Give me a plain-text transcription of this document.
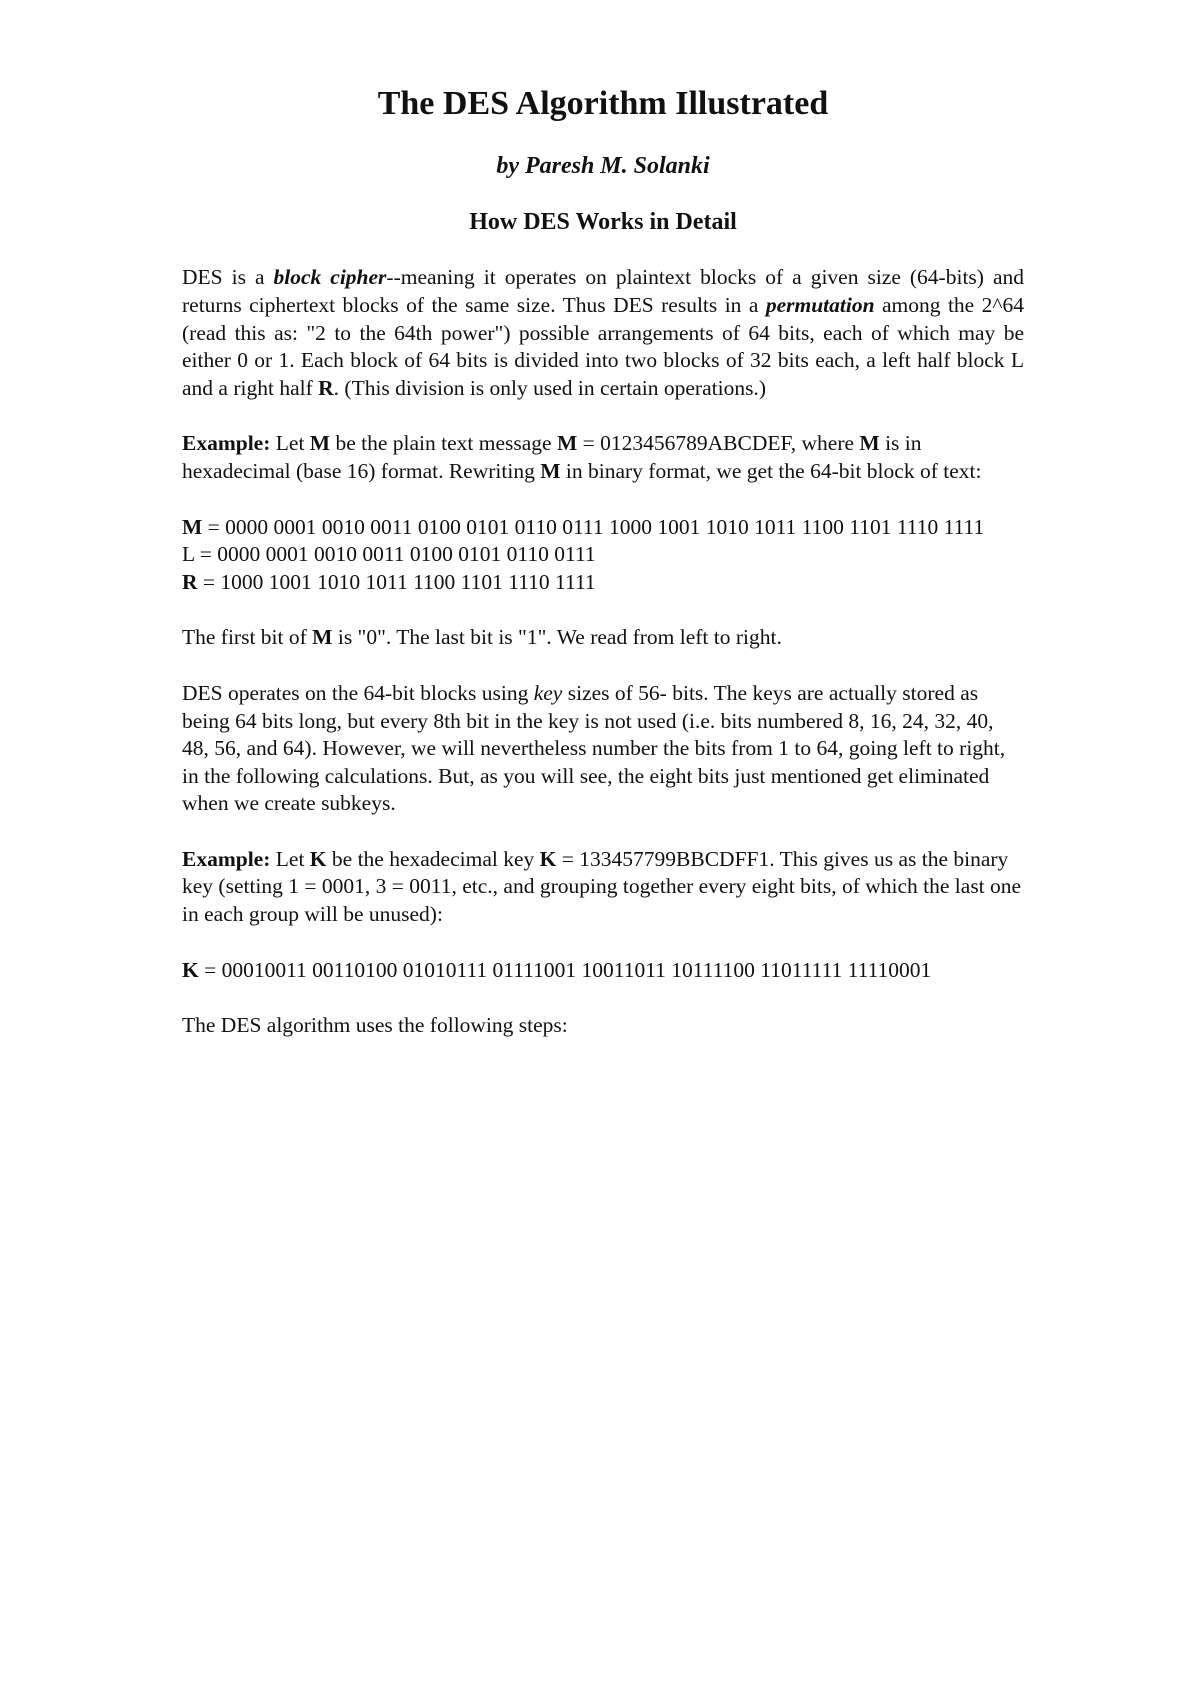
The DES Algorithm Illustrated
by Paresh M. Solanki
How DES Works in Detail

DES is a block cipher--meaning it operates on plaintext blocks of a given size (64-bits) and returns ciphertext blocks of the same size. Thus DES results in a permutation among the 2^64 (read this as: "2 to the 64th power") possible arrangements of 64 bits, each of which may be either 0 or 1. Each block of 64 bits is divided into two blocks of 32 bits each, a left half block L and a right half R. (This division is only used in certain operations.)

Example: Let M be the plain text message M = 0123456789ABCDEF, where M is in hexadecimal (base 16) format. Rewriting M in binary format, we get the 64-bit block of text:

M = 0000 0001 0010 0011 0100 0101 0110 0111 1000 1001 1010 1011 1100 1101 1110 1111

L = 0000 0001 0010 0011 0100 0101 0110 0111

R = 1000 1001 1010 1011 1100 1101 1110 1111

The first bit of M is "0". The last bit is "1". We read from left to right.

DES operates on the 64-bit blocks using key sizes of 56- bits. The keys are actually stored as being 64 bits long, but every 8th bit in the key is not used (i.e. bits numbered 8, 16, 24, 32, 40, 48, 56, and 64). However, we will nevertheless number the bits from 1 to 64, going left to right, in the following calculations. But, as you will see, the eight bits just mentioned get eliminated when we create subkeys.

Example: Let K be the hexadecimal key K = 133457799BBCDFF1. This gives us as the binary key (setting 1 = 0001, 3 = 0011, etc., and grouping together every eight bits, of which the last one in each group will be unused):

K = 00010011 00110100 01010111 01111001 10011011 10111100 11011111 11110001

The DES algorithm uses the following steps:
